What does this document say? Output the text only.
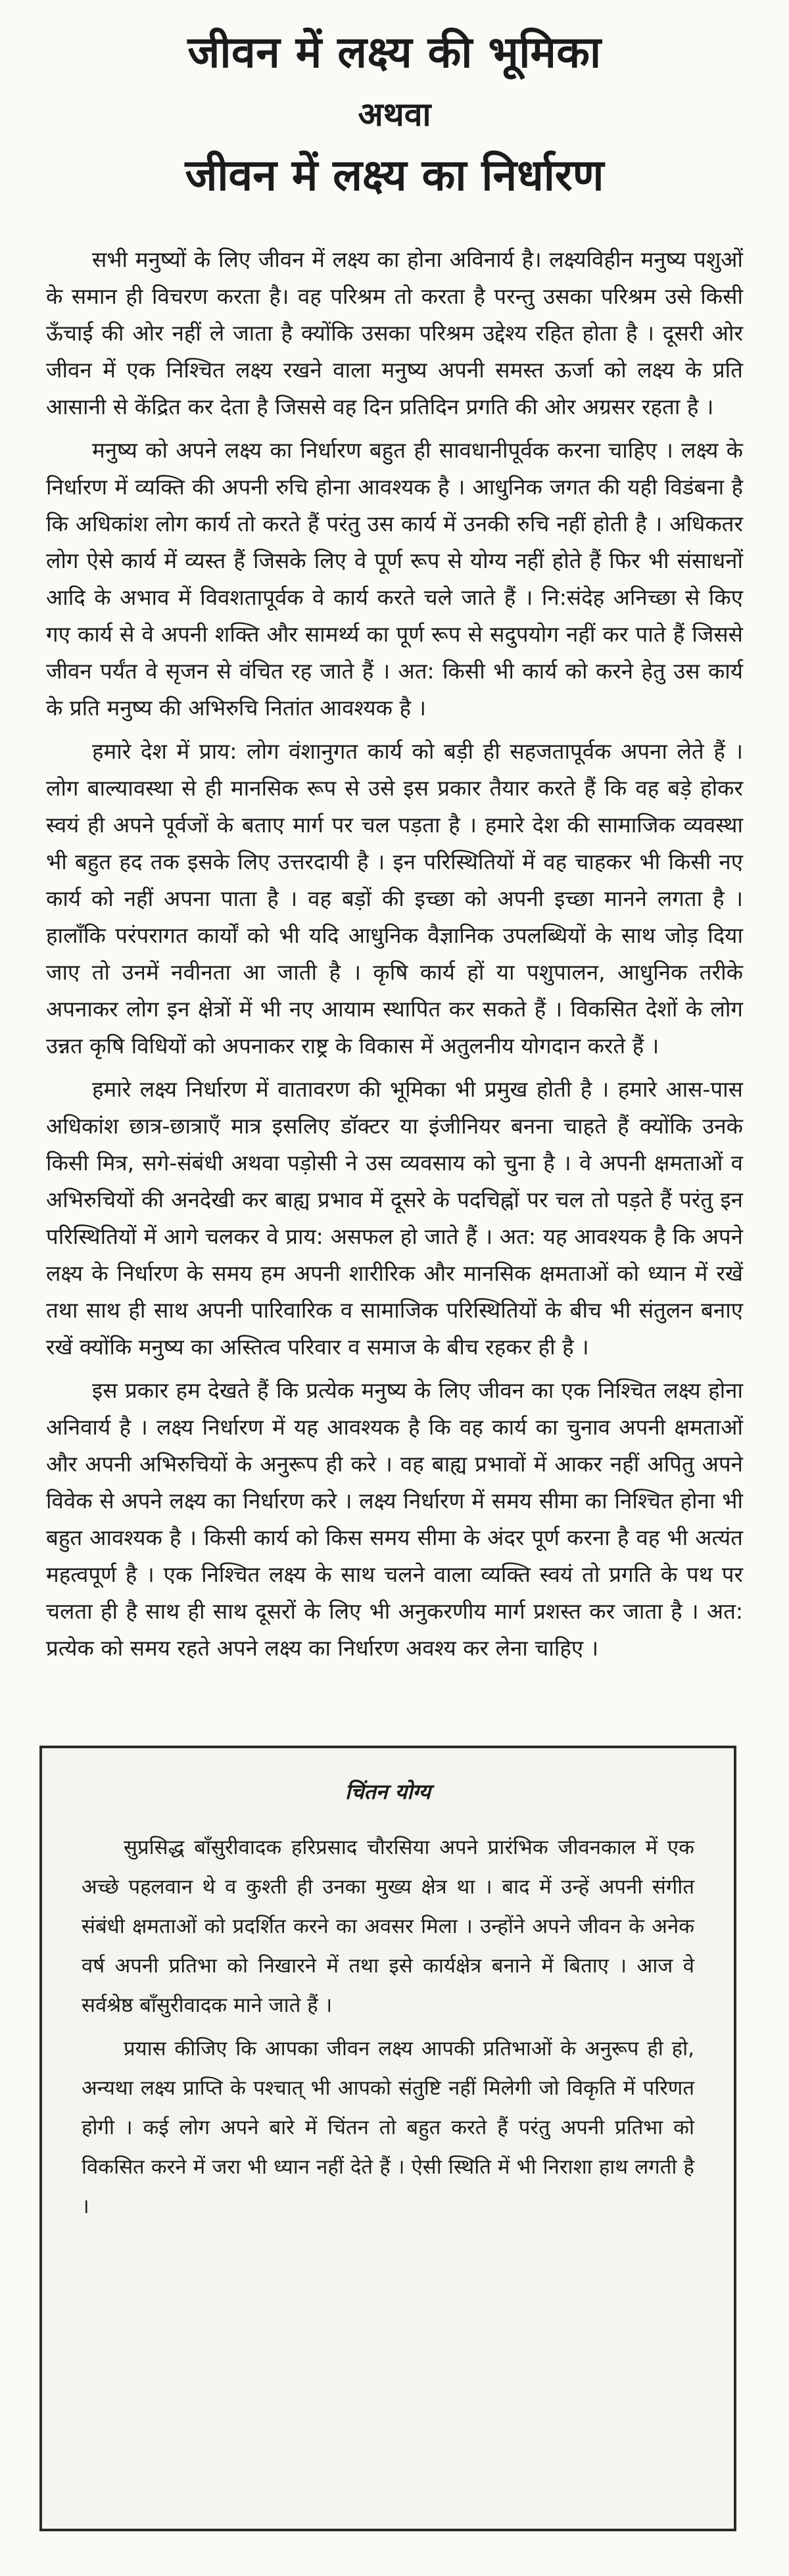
जीवन में लक्ष्य की भूमिका
अथवा
जीवन में लक्ष्य का निर्धारण

सभी मनुष्यों के लिए जीवन में लक्ष्य का होना अविनार्य है। लक्ष्यविहीन मनुष्य पशुओं के समान ही विचरण करता है। वह परिश्रम तो करता है परन्तु उसका परिश्रम उसे किसी ऊँचाई की ओर नहीं ले जाता है क्योंकि उसका परिश्रम उद्देश्य रहित होता है । दूसरी ओर जीवन में एक निश्चित लक्ष्य रखने वाला मनुष्य अपनी समस्त ऊर्जा को लक्ष्य के प्रति आसानी से केंद्रित कर देता है जिससे वह दिन प्रतिदिन प्रगति की ओर अग्रसर रहता है ।

मनुष्य को अपने लक्ष्य का निर्धारण बहुत ही सावधानीपूर्वक करना चाहिए । लक्ष्य के निर्धारण में व्यक्ति की अपनी रुचि होना आवश्यक है । आधुनिक जगत की यही विडंबना है कि अधिकांश लोग कार्य तो करते हैं परंतु उस कार्य में उनकी रुचि नहीं होती है । अधिकतर लोग ऐसे कार्य में व्यस्त हैं जिसके लिए वे पूर्ण रूप से योग्य नहीं होते हैं फिर भी संसाधनों आदि के अभाव में विवशतापूर्वक वे कार्य करते चले जाते हैं । नि:संदेह अनिच्छा से किए गए कार्य से वे अपनी शक्ति और सामर्थ्य का पूर्ण रूप से सदुपयोग नहीं कर पाते हैं जिससे जीवन पर्यंत वे सृजन से वंचित रह जाते हैं । अत: किसी भी कार्य को करने हेतु उस कार्य के प्रति मनुष्य की अभिरुचि नितांत आवश्यक है ।

हमारे देश में प्राय: लोग वंशानुगत कार्य को बड़ी ही सहजतापूर्वक अपना लेते हैं । लोग बाल्यावस्था से ही मानसिक रूप से उसे इस प्रकार तैयार करते हैं कि वह बड़े होकर स्वयं ही अपने पूर्वजों के बताए मार्ग पर चल पड़ता है । हमारे देश की सामाजिक व्यवस्था भी बहुत हद तक इसके लिए उत्तरदायी है । इन परिस्थितियों में वह चाहकर भी किसी नए कार्य को नहीं अपना पाता है । वह बड़ों की इच्छा को अपनी इच्छा मानने लगता है । हालाँकि परंपरागत कार्यों को भी यदि आधुनिक वैज्ञानिक उपलब्धियों के साथ जोड़ दिया जाए तो उनमें नवीनता आ जाती है । कृषि कार्य हों या पशुपालन, आधुनिक तरीके अपनाकर लोग इन क्षेत्रों में भी नए आयाम स्थापित कर सकते हैं । विकसित देशों के लोग उन्नत कृषि विधियों को अपनाकर राष्ट्र के विकास में अतुलनीय योगदान करते हैं ।

हमारे लक्ष्य निर्धारण में वातावरण की भूमिका भी प्रमुख होती है । हमारे आस-पास अधिकांश छात्र-छात्राएँ मात्र इसलिए डॉक्टर या इंजीनियर बनना चाहते हैं क्योंकि उनके किसी मित्र, सगे-संबंधी अथवा पड़ोसी ने उस व्यवसाय को चुना है । वे अपनी क्षमताओं व अभिरुचियों की अनदेखी कर बाह्य प्रभाव में दूसरे के पदचिह्नों पर चल तो पड़ते हैं परंतु इन परिस्थितियों में आगे चलकर वे प्राय: असफल हो जाते हैं । अत: यह आवश्यक है कि अपने लक्ष्य के निर्धारण के समय हम अपनी शारीरिक और मानसिक क्षमताओं को ध्यान में रखें तथा साथ ही साथ अपनी पारिवारिक व सामाजिक परिस्थितियों के बीच भी संतुलन बनाए रखें क्योंकि मनुष्य का अस्तित्व परिवार व समाज के बीच रहकर ही है ।

इस प्रकार हम देखते हैं कि प्रत्येक मनुष्य के लिए जीवन का एक निश्चित लक्ष्य होना अनिवार्य है । लक्ष्य निर्धारण में यह आवश्यक है कि वह कार्य का चुनाव अपनी क्षमताओं और अपनी अभिरुचियों के अनुरूप ही करे । वह बाह्य प्रभावों में आकर नहीं अपितु अपने विवेक से अपने लक्ष्य का निर्धारण करे । लक्ष्य निर्धारण में समय सीमा का निश्चित होना भी बहुत आवश्यक है । किसी कार्य को किस समय सीमा के अंदर पूर्ण करना है वह भी अत्यंत महत्वपूर्ण है । एक निश्चित लक्ष्य के साथ चलने वाला व्यक्ति स्वयं तो प्रगति के पथ पर चलता ही है साथ ही साथ दूसरों के लिए भी अनुकरणीय मार्ग प्रशस्त कर जाता है । अत: प्रत्येक को समय रहते अपने लक्ष्य का निर्धारण अवश्य कर लेना चाहिए ।

चिंतन योग्य

सुप्रसिद्ध बाँसुरीवादक हरिप्रसाद चौरसिया अपने प्रारंभिक जीवनकाल में एक अच्छे पहलवान थे व कुश्ती ही उनका मुख्य क्षेत्र था । बाद में उन्हें अपनी संगीत संबंधी क्षमताओं को प्रदर्शित करने का अवसर मिला । उन्होंने अपने जीवन के अनेक वर्ष अपनी प्रतिभा को निखारने में तथा इसे कार्यक्षेत्र बनाने में बिताए । आज वे सर्वश्रेष्ठ बाँसुरीवादक माने जाते हैं ।

प्रयास कीजिए कि आपका जीवन लक्ष्य आपकी प्रतिभाओं के अनुरूप ही हो, अन्यथा लक्ष्य प्राप्ति के पश्चात् भी आपको संतुष्टि नहीं मिलेगी जो विकृति में परिणत होगी । कई लोग अपने बारे में चिंतन तो बहुत करते हैं परंतु अपनी प्रतिभा को विकसित करने में जरा भी ध्यान नहीं देते हैं । ऐसी स्थिति में भी निराशा हाथ लगती है ।
